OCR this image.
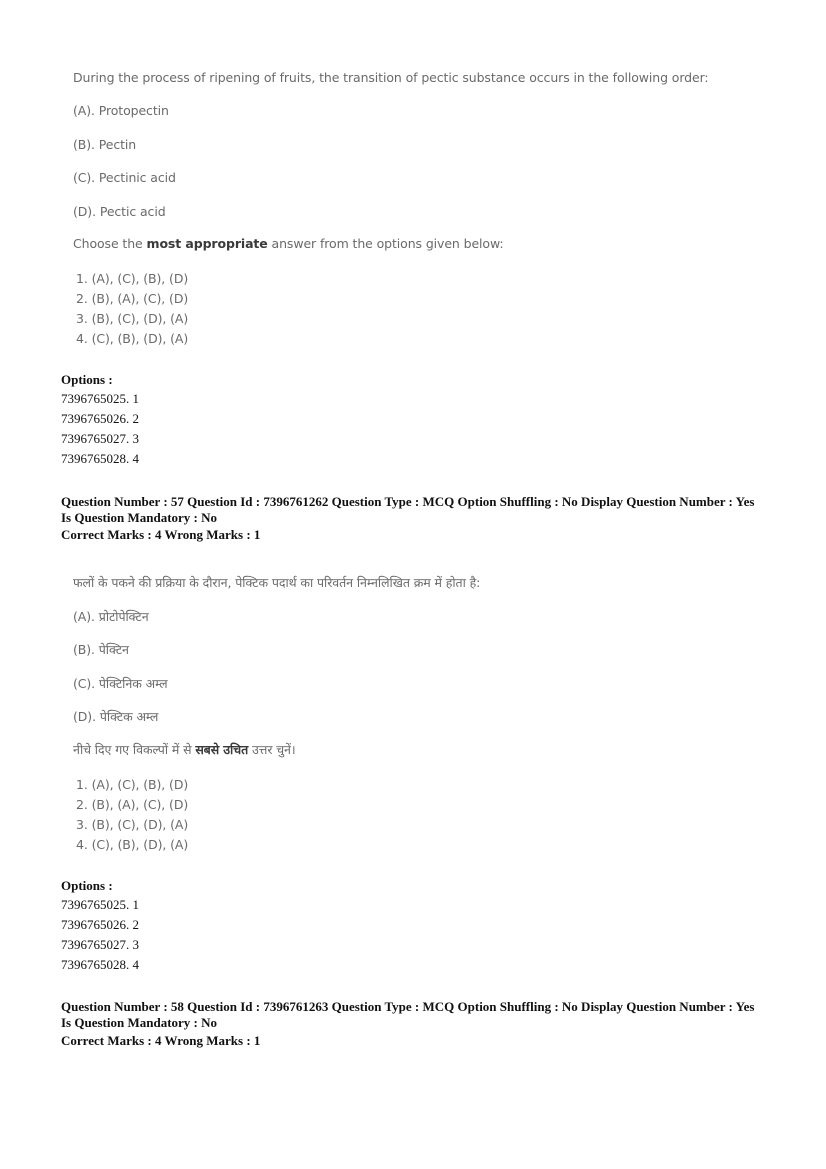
During the process of ripening of fruits, the transition of pectic substance occurs in the following order:
(A). Protopectin
(B). Pectin
(C). Pectinic acid
(D). Pectic acid
Choose the most appropriate answer from the options given below:
1. (A), (C), (B), (D)
2. (B), (A), (C), (D)
3. (B), (C), (D), (A)
4. (C), (B), (D), (A)
Options :
7396765025. 1
7396765026. 2
7396765027. 3
7396765028. 4
Question Number : 57 Question Id : 7396761262 Question Type : MCQ Option Shuffling : No Display Question Number : Yes
Is Question Mandatory : No
Correct Marks : 4 Wrong Marks : 1
फलों के पकने की प्रक्रिया के दौरान, पेक्टिक पदार्थ का परिवर्तन निम्नलिखित क्रम में होता है:
(A). प्रोटोपेक्टिन
(B). पेक्टिन
(C). पेक्टिनिक अम्ल
(D). पेक्टिक अम्ल
नीचे दिए गए विकल्पों में से सबसे उचित उत्तर चुनें।
1. (A), (C), (B), (D)
2. (B), (A), (C), (D)
3. (B), (C), (D), (A)
4. (C), (B), (D), (A)
Options :
7396765025. 1
7396765026. 2
7396765027. 3
7396765028. 4
Question Number : 58 Question Id : 7396761263 Question Type : MCQ Option Shuffling : No Display Question Number : Yes
Is Question Mandatory : No
Correct Marks : 4 Wrong Marks : 1
